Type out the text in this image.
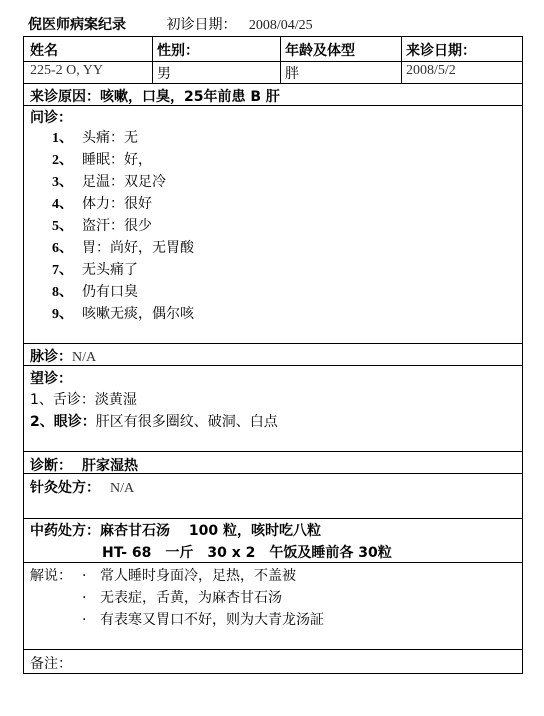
倪医师病案纪录	初诊日期： 2008/04/25
姓名	性别：	年龄及体型	来诊日期：
225-2 O, YY	男	胖	2008/5/2
来诊原因：咳嗽，口臭，25年前患 B 肝
问诊：
1、 头痛：无
2、 睡眠：好，
3、 足温：双足冷
4、 体力：很好
5、 盗汗：很少
6、 胃：尚好，无胃酸
7、 无头痛了
8、 仍有口臭
9、 咳嗽无痰，偶尔咳
脉诊：N/A
望诊：
1、舌诊：淡黄湿
2、眼诊：肝区有很多圈纹、破洞、白点
诊断： 肝家湿热
针灸处方： N/A
中药处方：麻杏甘石汤　 100 粒，咳时吃八粒
HT- 68　一斤　30 x 2　午饭及睡前各 30粒
解说： · 常人睡时身面冷，足热，不盖被
· 无表症，舌黄，为麻杏甘石汤
· 有表寒又胃口不好，则为大青龙汤証
备注：
